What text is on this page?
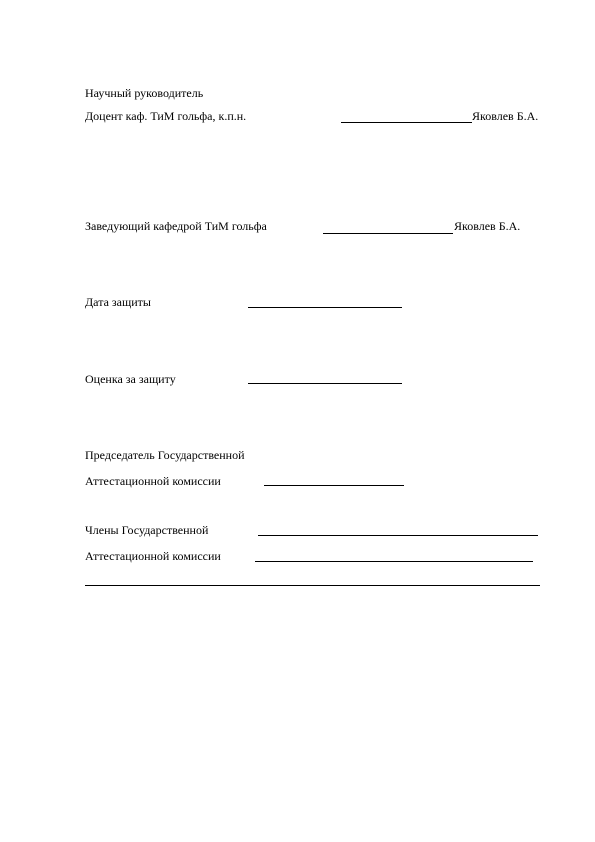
Научный руководитель
Доцент каф. ТиМ гольфа, к.п.н.	Яковлев Б.А.
Заведующий кафедрой ТиМ гольфа	Яковлев Б.А.
Дата защиты
Оценка за защиту
Председатель Государственной
Аттестационной комиссии
Члены Государственной
Аттестационной комиссии
